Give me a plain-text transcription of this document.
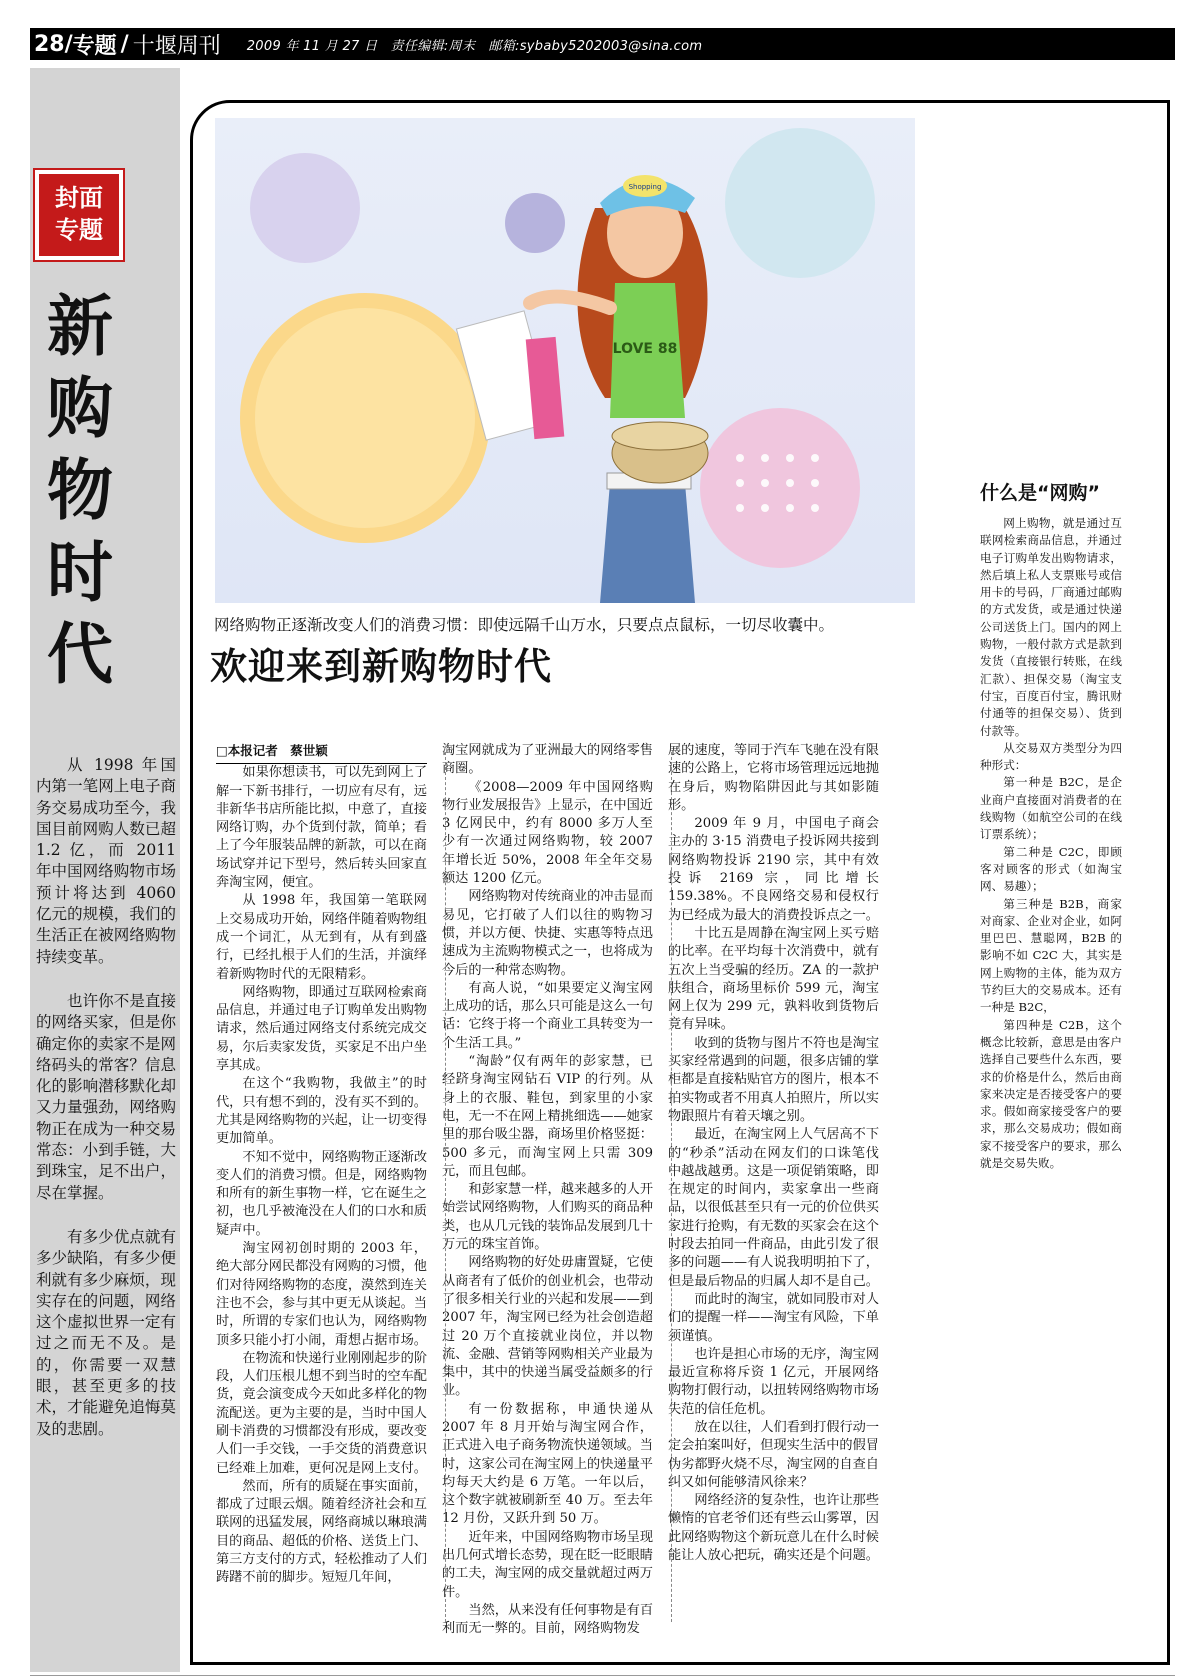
28/ 专题 / 十堰周刊 2009 年 11 月 27 日　责任编辑:周末　邮箱:sybaby5202003@sina.com
封面
专题
新
购
物
时
代

从 1998 年国内第一笔网上电子商务交易成功至今，我国目前网购人数已超 1.2 亿，而 2011 年中国网络购物市场预计将达到 4060 亿元的规模，我们的生活正在被网络购物持续变革。

也许你不是直接的网络买家，但是你确定你的卖家不是网络码头的常客？信息化的影响潜移默化却又力量强劲，网络购物正在成为一种交易常态：小到手链，大到珠宝，足不出户，尽在掌握。

有多少优点就有多少缺陷，有多少便利就有多少麻烦，现实存在的问题，网络这个虚拟世界一定有过之而无不及。是的，你需要一双慧眼，甚至更多的技术，才能避免追悔莫及的悲剧。

Shopping
LOVE 88
网络购物正逐渐改变人们的消费习惯：即使远隔千山万水，只要点点鼠标，一切尽收囊中。
欢迎来到新购物时代

□本报记者　蔡世颖

如果你想读书，可以先到网上了解一下新书排行，一切应有尽有，远非新华书店所能比拟，中意了，直接网络订购，办个货到付款，简单；看上了今年服装品牌的新款，可以在商场试穿并记下型号，然后转头回家直奔淘宝网，便宜。

从 1998 年，我国第一笔联网上交易成功开始，网络伴随着购物组成一个词汇，从无到有，从有到盛行，已经扎根于人们的生活，并演绎着新购物时代的无限精彩。

网络购物，即通过互联网检索商品信息，并通过电子订购单发出购物请求，然后通过网络支付系统完成交易，尔后卖家发货，买家足不出户坐享其成。

在这个“我购物，我做主”的时代，只有想不到的，没有买不到的。尤其是网络购物的兴起，让一切变得更加简单。

不知不觉中，网络购物正逐渐改变人们的消费习惯。但是，网络购物和所有的新生事物一样，它在诞生之初，也几乎被淹没在人们的口水和质疑声中。

淘宝网初创时期的 2003 年，绝大部分网民都没有网购的习惯，他们对待网络购物的态度，漠然到连关注也不会，参与其中更无从谈起。当时，所谓的专家们也认为，网络购物顶多只能小打小闹，甭想占据市场。

在物流和快递行业刚刚起步的阶段，人们压根儿想不到当时的空车配货，竟会演变成今天如此多样化的物流配送。更为主要的是，当时中国人刷卡消费的习惯都没有形成，要改变人们一手交钱，一手交货的消费意识已经难上加难，更何况是网上支付。

然而，所有的质疑在事实面前，都成了过眼云烟。随着经济社会和互联网的迅猛发展，网络商城以琳琅满目的商品、超低的价格、送货上门、第三方支付的方式，轻松推动了人们踌躇不前的脚步。短短几年间，

淘宝网就成为了亚洲最大的网络零售商圈。

《2008—2009 年中国网络购物行业发展报告》上显示，在中国近 3 亿网民中，约有 8000 多万人至少有一次通过网络购物，较 2007 年增长近 50%，2008 年全年交易额达 1200 亿元。

网络购物对传统商业的冲击显而易见，它打破了人们以往的购物习惯，并以方便、快捷、实惠等特点迅速成为主流购物模式之一，也将成为今后的一种常态购物。

有高人说，“如果要定义淘宝网上成功的话，那么只可能是这么一句话：它终于将一个商业工具转变为一个生活工具。”

“淘龄”仅有两年的彭家慧，已经跻身淘宝网钻石 VIP 的行列。从身上的衣服、鞋包，到家里的小家电，无一不在网上精挑细选——她家里的那台吸尘器，商场里价格竖挺：500 多元，而淘宝网上只需 309 元，而且包邮。

和彭家慧一样，越来越多的人开始尝试网络购物，人们购买的商品种类，也从几元钱的装饰品发展到几十万元的珠宝首饰。

网络购物的好处毋庸置疑，它使从商者有了低价的创业机会，也带动了很多相关行业的兴起和发展——到 2007 年，淘宝网已经为社会创造超过 20 万个直接就业岗位，并以物流、金融、营销等网购相关产业最为集中，其中的快递当属受益颇多的行业。

有一份数据称，申通快递从 2007 年 8 月开始与淘宝网合作，正式进入电子商务物流快递领域。当时，这家公司在淘宝网上的快递量平均每天大约是 6 万笔。一年以后，这个数字就被刷新至 40 万。至去年 12 月份，又跃升到 50 万。

近年来，中国网络购物市场呈现出几何式增长态势，现在眨一眨眼睛的工夫，淘宝网的成交量就超过两万件。

当然，从来没有任何事物是有百利而无一弊的。目前，网络购物发

展的速度，等同于汽车飞驰在没有限速的公路上，它将市场管理远远地抛在身后，购物陷阱因此与其如影随形。

2009 年 9 月，中国电子商会主办的 3·15 消费电子投诉网共接到网络购物投诉 2190 宗，其中有效投诉 2169 宗，同比增长 159.38%。不良网络交易和侵权行为已经成为最大的消费投诉点之一。

十比五是周静在淘宝网上买亏赔的比率。在平均每十次消费中，就有五次上当受骗的经历。ZA 的一款护肤组合，商场里标价 599 元，淘宝网上仅为 299 元，孰料收到货物后竟有异味。

收到的货物与图片不符也是淘宝买家经常遇到的问题，很多店铺的掌柜都是直接粘贴官方的图片，根本不拍实物或者不用真人拍照片，所以实物跟照片有着天壤之别。

最近，在淘宝网上人气居高不下的“秒杀”活动在网友们的口诛笔伐中越战越勇。这是一项促销策略，即在规定的时间内，卖家拿出一些商品，以很低甚至只有一元的价位供买家进行抢购，有无数的买家会在这个时段去拍同一件商品，由此引发了很多的问题——有人说我明明拍下了，但是最后物品的归属人却不是自己。

而此时的淘宝，就如同股市对人们的提醒一样——淘宝有风险，下单须谨慎。

也许是担心市场的无序，淘宝网最近宣称将斥资 1 亿元，开展网络购物打假行动，以扭转网络购物市场失范的信任危机。

放在以往，人们看到打假行动一定会拍案叫好，但现实生活中的假冒伪劣都野火烧不尽，淘宝网的自查自纠又如何能够清风徐来？

网络经济的复杂性，也许让那些懒惰的官老爷们还有些云山雾罩，因此网络购物这个新玩意儿在什么时候能让人放心把玩，确实还是个问题。

什么是“网购”

网上购物，就是通过互联网检索商品信息，并通过电子订购单发出购物请求，然后填上私人支票账号或信用卡的号码，厂商通过邮购的方式发货，或是通过快递公司送货上门。国内的网上购物，一般付款方式是款到发货（直接银行转账，在线汇款）、担保交易（淘宝支付宝，百度百付宝，腾讯财付通等的担保交易）、货到付款等。

从交易双方类型分为四种形式：

第一种是 B2C，是企业商户直接面对消费者的在线购物（如航空公司的在线订票系统）；

第二种是 C2C，即顾客对顾客的形式（如淘宝网、易趣）；

第三种是 B2B，商家对商家、企业对企业，如阿里巴巴、慧聪网，B2B 的影响不如 C2C 大，其实是网上购物的主体，能为双方节约巨大的交易成本。还有一种是 B2C，

第四种是 C2B，这个概念比较新，意思是由客户选择自己要些什么东西，要求的价格是什么，然后由商家来决定是否接受客户的要求。假如商家接受客户的要求，那么交易成功；假如商家不接受客户的要求，那么就是交易失败。
